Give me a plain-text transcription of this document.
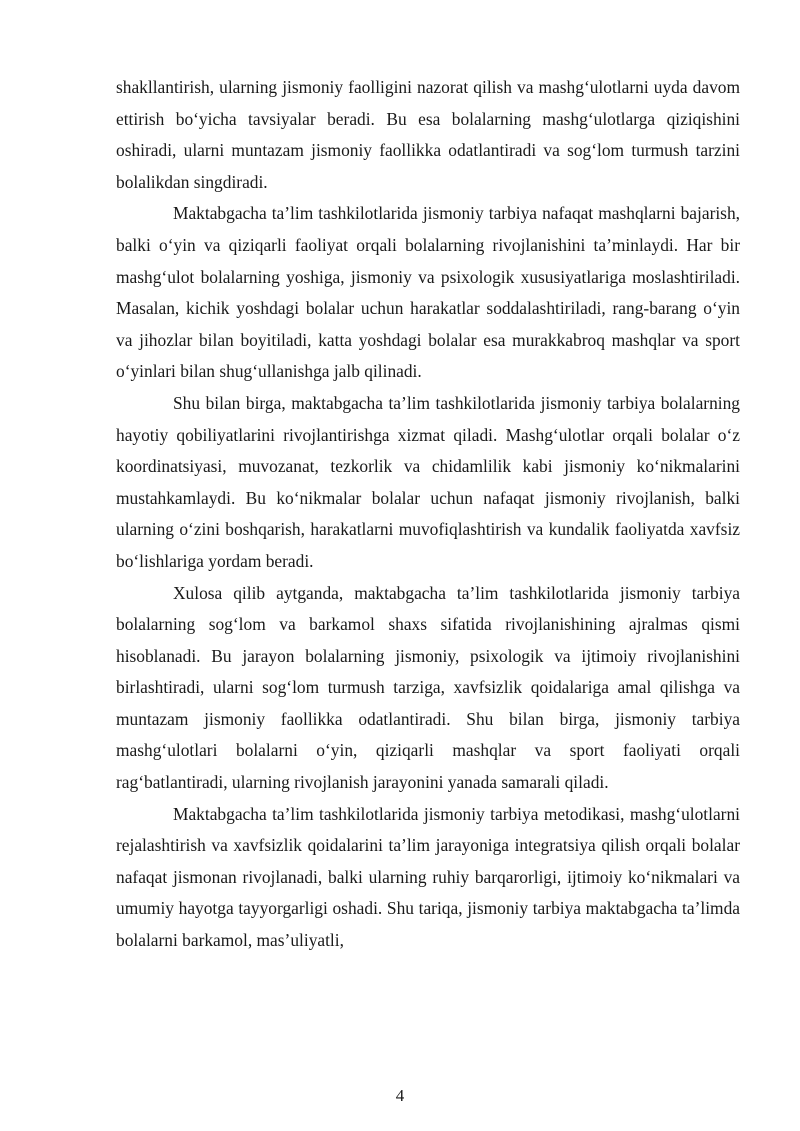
shakllantirish, ularning jismoniy faolligini nazorat qilish va mashg‘ulotlarni uyda davom ettirish bo‘yicha tavsiyalar beradi. Bu esa bolalarning mashg‘ulotlarga qiziqishini oshiradi, ularni muntazam jismoniy faollikka odatlantiradi va sog‘lom turmush tarzini bolalikdan singdiradi.

Maktabgacha ta’lim tashkilotlarida jismoniy tarbiya nafaqat mashqlarni bajarish, balki o‘yin va qiziqarli faoliyat orqali bolalarning rivojlanishini ta’minlaydi. Har bir mashg‘ulot bolalarning yoshiga, jismoniy va psixologik xususiyatlariga moslashtiriladi. Masalan, kichik yoshdagi bolalar uchun harakatlar soddalashtiriladi, rang-barang o‘yin va jihozlar bilan boyitiladi, katta yoshdagi bolalar esa murakkabroq mashqlar va sport o‘yinlari bilan shug‘ullanishga jalb qilinadi.

Shu bilan birga, maktabgacha ta’lim tashkilotlarida jismoniy tarbiya bolalarning hayotiy qobiliyatlarini rivojlantirishga xizmat qiladi. Mashg‘ulotlar orqali bolalar o‘z koordinatsiyasi, muvozanat, tezkorlik va chidamlilik kabi jismoniy ko‘nikmalarini mustahkamlaydi. Bu ko‘nikmalar bolalar uchun nafaqat jismoniy rivojlanish, balki ularning o‘zini boshqarish, harakatlarni muvofiqlashtirish va kundalik faoliyatda xavfsiz bo‘lishlariga yordam beradi.

Xulosa qilib aytganda, maktabgacha ta’lim tashkilotlarida jismoniy tarbiya bolalarning sog‘lom va barkamol shaxs sifatida rivojlanishining ajralmas qismi hisoblanadi. Bu jarayon bolalarning jismoniy, psixologik va ijtimoiy rivojlanishini birlashtiradi, ularni sog‘lom turmush tarziga, xavfsizlik qoidalariga amal qilishga va muntazam jismoniy faollikka odatlantiradi. Shu bilan birga, jismoniy tarbiya mashg‘ulotlari bolalarni o‘yin, qiziqarli mashqlar va sport faoliyati orqali rag‘batlantiradi, ularning rivojlanish jarayonini yanada samarali qiladi.

Maktabgacha ta’lim tashkilotlarida jismoniy tarbiya metodikasi, mashg‘ulotlarni rejalashtirish va xavfsizlik qoidalarini ta’lim jarayoniga integratsiya qilish orqali bolalar nafaqat jismonan rivojlanadi, balki ularning ruhiy barqarorligi, ijtimoiy ko‘nikmalari va umumiy hayotga tayyorgarligi oshadi. Shu tariqa, jismoniy tarbiya maktabgacha ta’limda bolalarni barkamol, mas’uliyatli,

4
